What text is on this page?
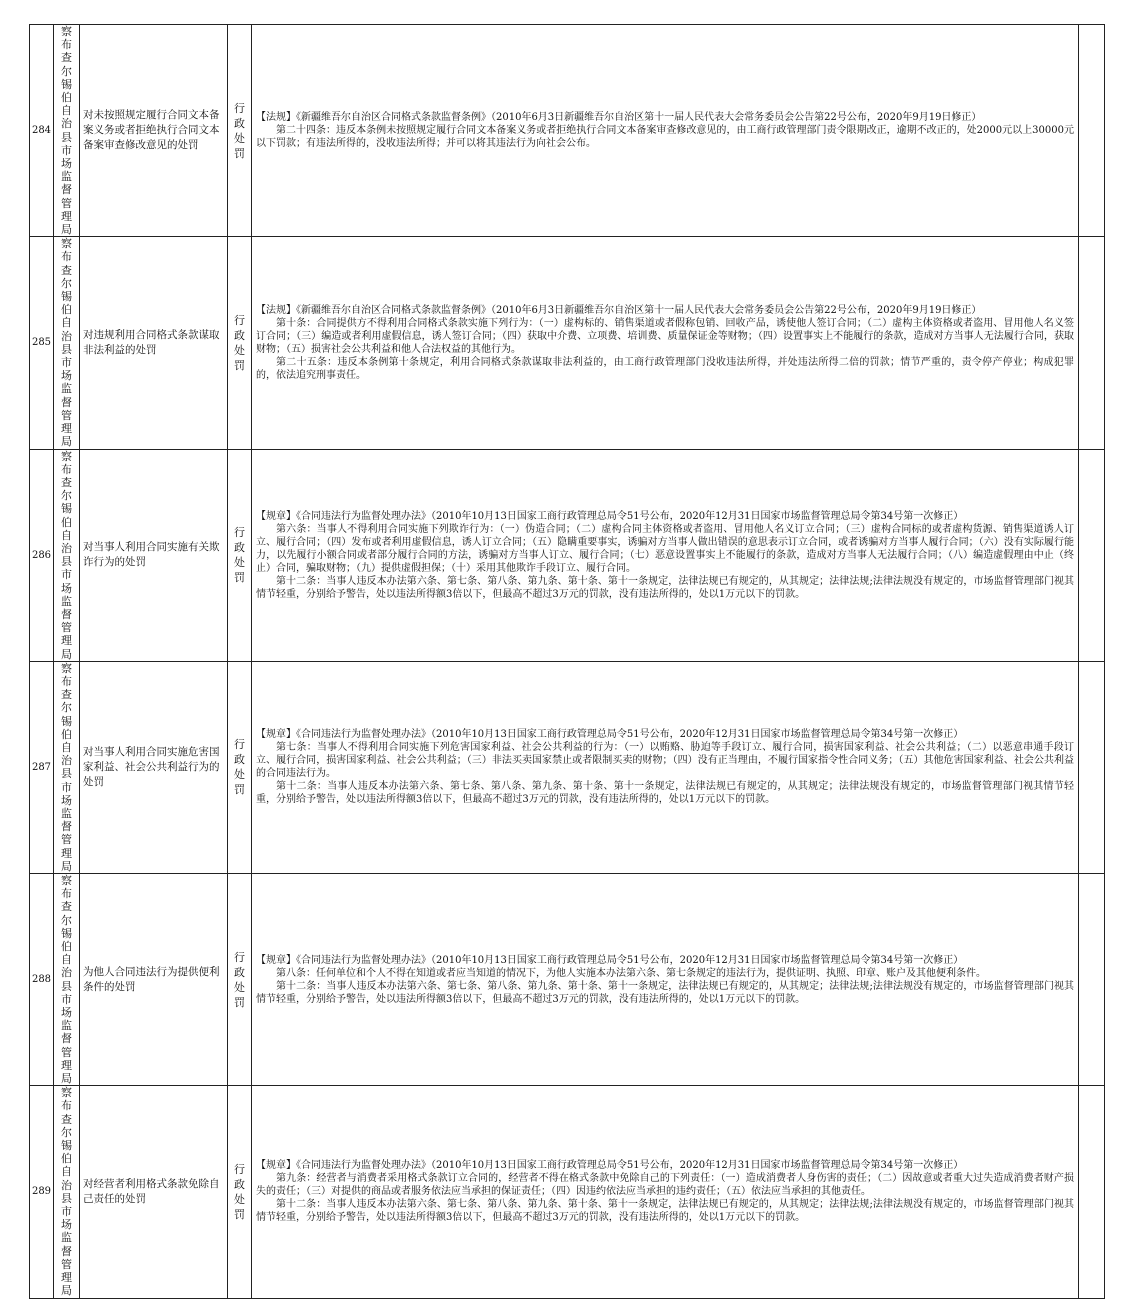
284	察布查尔锡伯自治县市场监督管理局	对未按照规定履行合同文本备案义务或者拒绝执行合同文本备案审查修改意见的处罚	行政处罚	【法规】《新疆维吾尔自治区合同格式条款监督条例》（2010年6月3日新疆维吾尔自治区第十一届人民代表大会常务委员会公告第22号公布，2020年9月19日修正）

第二十四条：违反本条例未按照规定履行合同文本备案义务或者拒绝执行合同文本备案审查修改意见的，由工商行政管理部门责令限期改正，逾期不改正的，处2000元以上30000元以下罚款；有违法所得的，没收违法所得；并可以将其违法行为向社会公布。	

285	察布查尔锡伯自治县市场监督管理局	对违规利用合同格式条款谋取非法利益的处罚	行政处罚	【法规】《新疆维吾尔自治区合同格式条款监督条例》（2010年6月3日新疆维吾尔自治区第十一届人民代表大会常务委员会公告第22号公布，2020年9月19日修正）

第十条：合同提供方不得利用合同格式条款实施下列行为：（一）虚构标的、销售渠道或者假称包销、回收产品，诱使他人签订合同；（二）虚构主体资格或者盗用、冒用他人名义签订合同；（三）编造或者利用虚假信息，诱人签订合同；（四）获取中介费、立项费、培训费、质量保证金等财物；（四）设置事实上不能履行的条款，造成对方当事人无法履行合同，获取财物；（五）损害社会公共利益和他人合法权益的其他行为。

第二十五条：违反本条例第十条规定，利用合同格式条款谋取非法利益的，由工商行政管理部门没收违法所得，并处违法所得二倍的罚款；情节严重的，责令停产停业；构成犯罪的，依法追究刑事责任。	

286	察布查尔锡伯自治县市场监督管理局	对当事人利用合同实施有关欺诈行为的处罚	行政处罚	【规章】《合同违法行为监督处理办法》（2010年10月13日国家工商行政管理总局令51号公布，2020年12月31日国家市场监督管理总局令第34号第一次修正）

第六条：当事人不得利用合同实施下列欺诈行为：（一）伪造合同；（二）虚构合同主体资格或者盗用、冒用他人名义订立合同；（三）虚构合同标的或者虚构货源、销售渠道诱人订立、履行合同；（四）发布或者利用虚假信息，诱人订立合同；（五）隐瞒重要事实，诱骗对方当事人做出错误的意思表示订立合同，或者诱骗对方当事人履行合同；（六）没有实际履行能力，以先履行小额合同或者部分履行合同的方法，诱骗对方当事人订立、履行合同；（七）恶意设置事实上不能履行的条款，造成对方当事人无法履行合同；（八）编造虚假理由中止（终止）合同，骗取财物；（九）提供虚假担保；（十）采用其他欺诈手段订立、履行合同。

第十二条：当事人违反本办法第六条、第七条、第八条、第九条、第十条、第十一条规定，法律法规已有规定的，从其规定；法律法规;法律法规没有规定的，市场监督管理部门视其情节轻重，分别给予警告，处以违法所得额3倍以下，但最高不超过3万元的罚款，没有违法所得的，处以1万元以下的罚款。	

287	察布查尔锡伯自治县市场监督管理局	对当事人利用合同实施危害国家利益、社会公共利益行为的处罚	行政处罚	【规章】《合同违法行为监督处理办法》（2010年10月13日国家工商行政管理总局令51号公布，2020年12月31日国家市场监督管理总局令第34号第一次修正）

第七条：当事人不得利用合同实施下列危害国家利益、社会公共利益的行为：（一）以贿赂、胁迫等手段订立、履行合同，损害国家利益、社会公共利益；（二）以恶意串通手段订立、履行合同，损害国家利益、社会公共利益；（三）非法买卖国家禁止或者限制买卖的财物；（四）没有正当理由，不履行国家指令性合同义务；（五）其他危害国家利益、社会公共利益的合同违法行为。

第十二条：当事人违反本办法第六条、第七条、第八条、第九条、第十条、第十一条规定，法律法规已有规定的，从其规定；法律法规没有规定的，市场监督管理部门视其情节轻重，分别给予警告，处以违法所得额3倍以下，但最高不超过3万元的罚款，没有违法所得的，处以1万元以下的罚款。	

288	察布查尔锡伯自治县市场监督管理局	为他人合同违法行为提供便利条件的处罚	行政处罚	【规章】《合同违法行为监督处理办法》（2010年10月13日国家工商行政管理总局令51号公布，2020年12月31日国家市场监督管理总局令第34号第一次修正）

第八条：任何单位和个人不得在知道或者应当知道的情况下，为他人实施本办法第六条、第七条规定的违法行为，提供证明、执照、印章、账户及其他便利条件。

第十二条：当事人违反本办法第六条、第七条、第八条、第九条、第十条、第十一条规定，法律法规已有规定的，从其规定；法律法规;法律法规没有规定的，市场监督管理部门视其情节轻重，分别给予警告，处以违法所得额3倍以下，但最高不超过3万元的罚款，没有违法所得的，处以1万元以下的罚款。	

289	察布查尔锡伯自治县市场监督管理局	对经营者利用格式条款免除自己责任的处罚	行政处罚	【规章】《合同违法行为监督处理办法》（2010年10月13日国家工商行政管理总局令51号公布，2020年12月31日国家市场监督管理总局令第34号第一次修正）

第九条：经营者与消费者采用格式条款订立合同的，经营者不得在格式条款中免除自己的下列责任：（一）造成消费者人身伤害的责任；（二）因故意或者重大过失造成消费者财产损失的责任；（三）对提供的商品或者服务依法应当承担的保证责任；（四）因违约依法应当承担的违约责任；（五）依法应当承担的其他责任。

第十二条：当事人违反本办法第六条、第七条、第八条、第九条、第十条、第十一条规定，法律法规已有规定的，从其规定；法律法规;法律法规没有规定的，市场监督管理部门视其情节轻重，分别给予警告，处以违法所得额3倍以下，但最高不超过3万元的罚款，没有违法所得的，处以1万元以下的罚款。	
